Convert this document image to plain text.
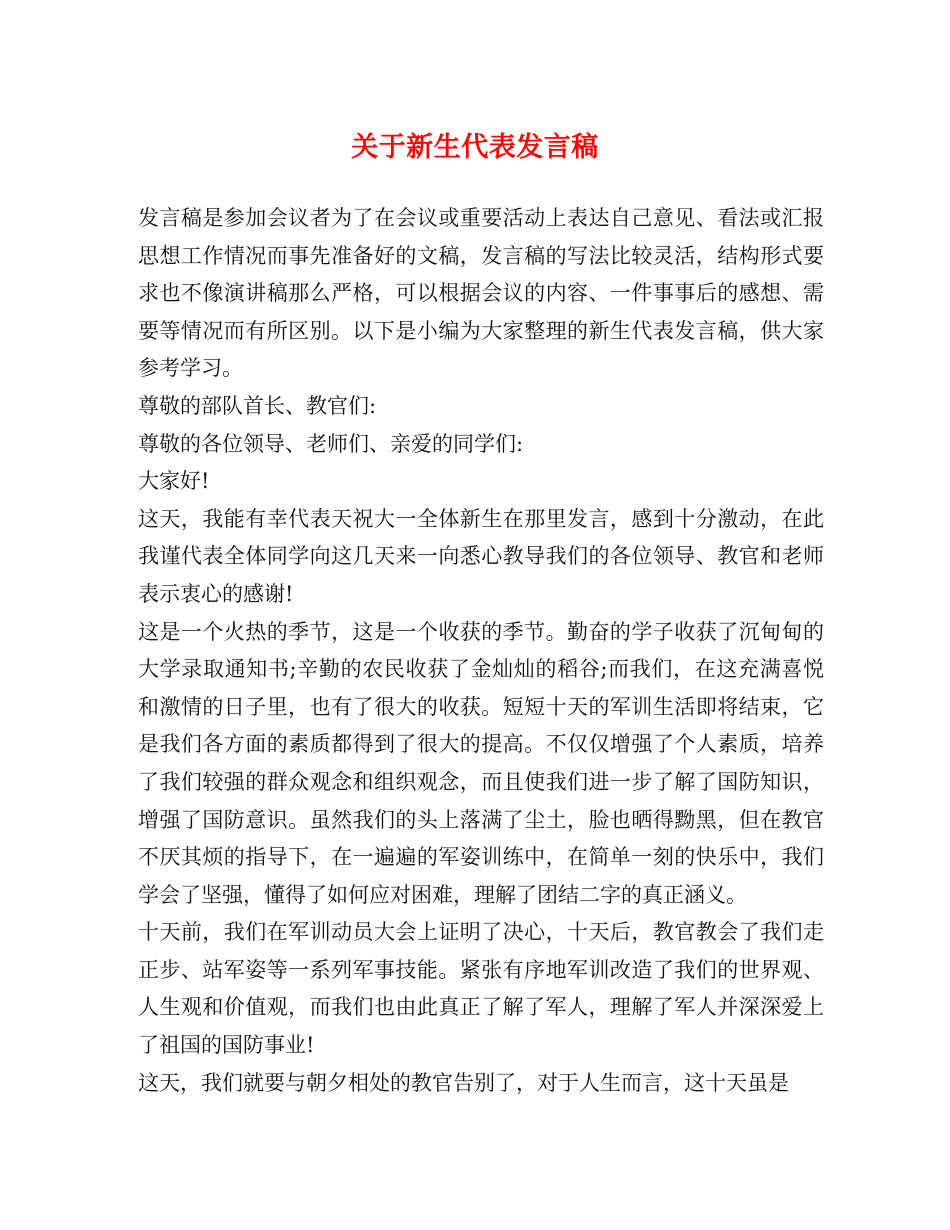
关于新生代表发言稿

发言稿是参加会议者为了在会议或重要活动上表达自己意见、看法或汇报思想工作情况而事先准备好的文稿，发言稿的写法比较灵活，结构形式要求也不像演讲稿那么严格，可以根据会议的内容、一件事事后的感想、需要等情况而有所区别。以下是小编为大家整理的新生代表发言稿，供大家参考学习。

尊敬的部队首长、教官们:

尊敬的各位领导、老师们、亲爱的同学们:

大家好!

这天，我能有幸代表天祝大一全体新生在那里发言，感到十分激动，在此我谨代表全体同学向这几天来一向悉心教导我们的各位领导、教官和老师表示衷心的感谢!

这是一个火热的季节，这是一个收获的季节。勤奋的学子收获了沉甸甸的大学录取通知书;辛勤的农民收获了金灿灿的稻谷;而我们，在这充满喜悦和激情的日子里，也有了很大的收获。短短十天的军训生活即将结束，它是我们各方面的素质都得到了很大的提高。不仅仅增强了个人素质，培养了我们较强的群众观念和组织观念，而且使我们进一步了解了国防知识，增强了国防意识。虽然我们的头上落满了尘土，脸也晒得黝黑，但在教官不厌其烦的指导下，在一遍遍的军姿训练中，在简单一刻的快乐中，我们学会了坚强，懂得了如何应对困难，理解了团结二字的真正涵义。

十天前，我们在军训动员大会上证明了决心，十天后，教官教会了我们走正步、站军姿等一系列军事技能。紧张有序地军训改造了我们的世界观、人生观和价值观，而我们也由此真正了解了军人，理解了军人并深深爱上了祖国的国防事业!

这天，我们就要与朝夕相处的教官告别了，对于人生而言，这十天虽是
